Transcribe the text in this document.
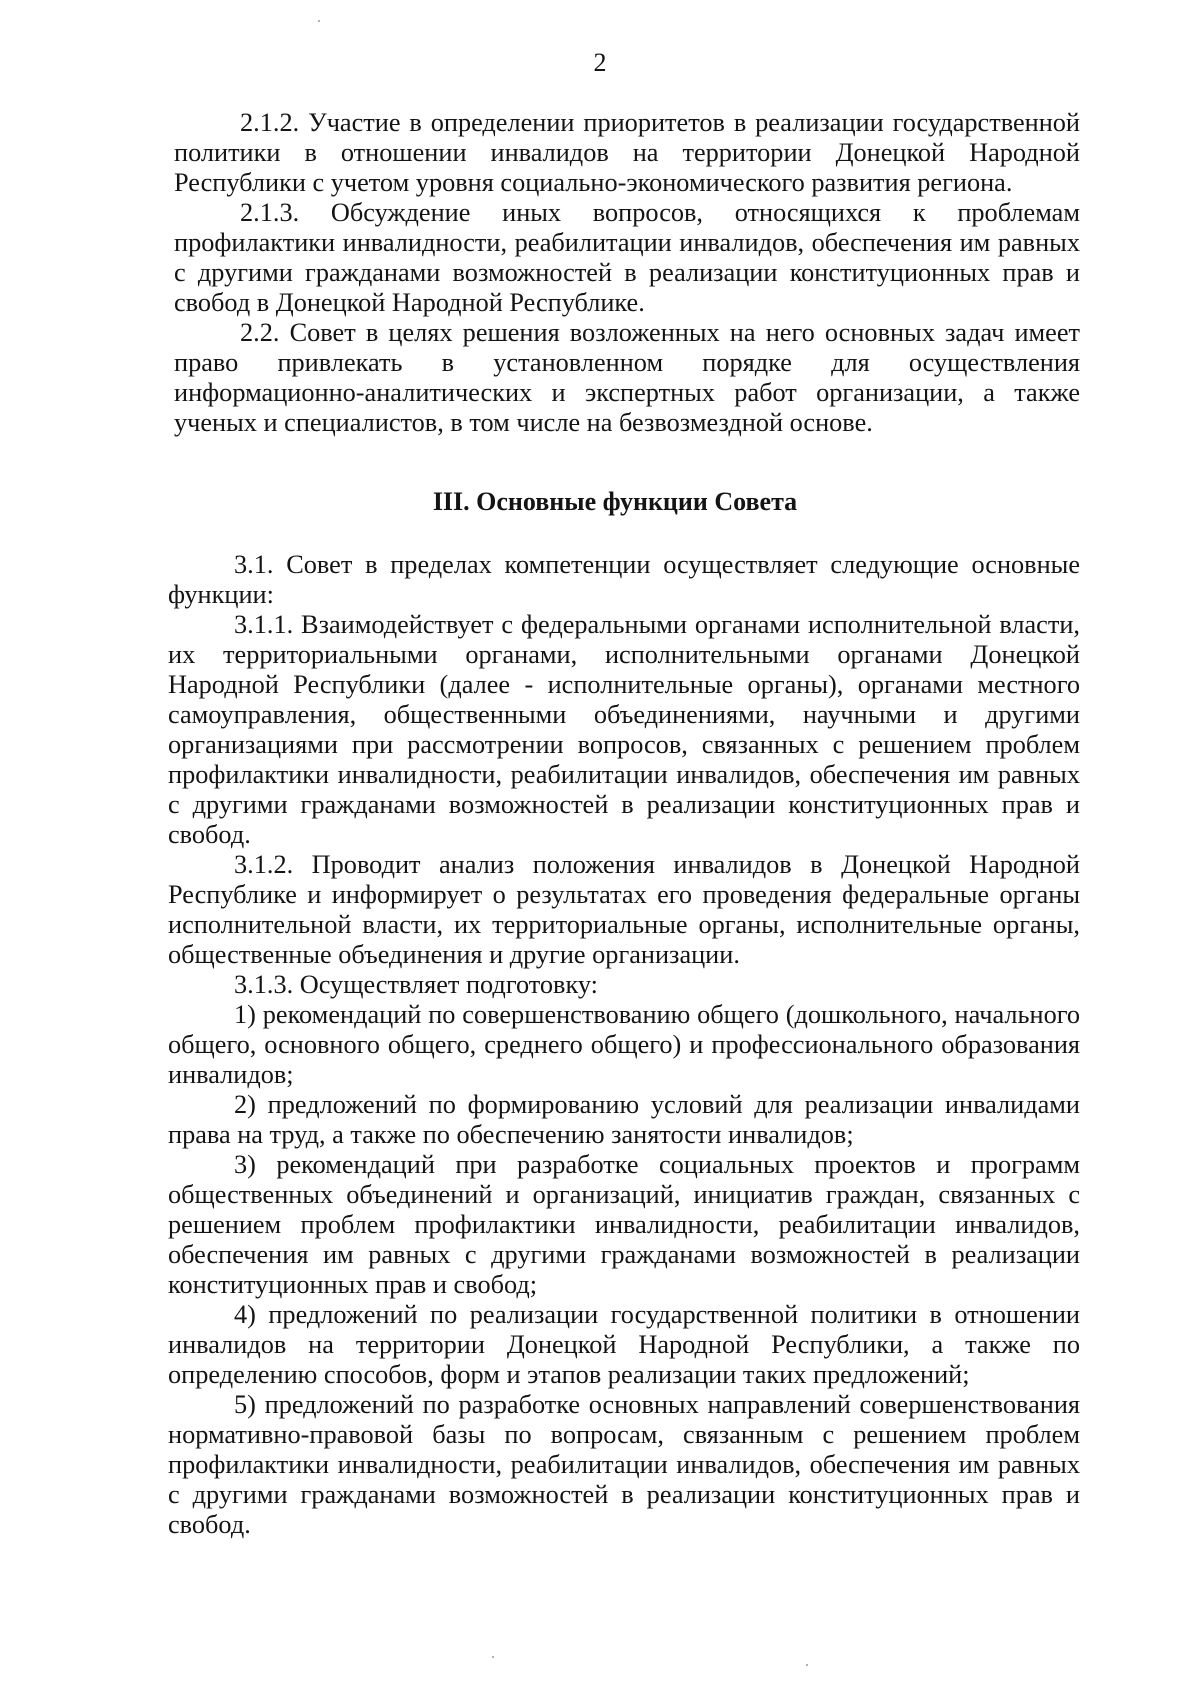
2

2.1.2. Участие в определении приоритетов в реализации государственной политики в отношении инвалидов на территории Донецкой Народной Республики с учетом уровня социально-экономического развития региона.

2.1.3. Обсуждение иных вопросов, относящихся к проблемам профилактики инвалидности, реабилитации инвалидов, обеспечения им равных с другими гражданами возможностей в реализации конституционных прав и свобод в Донецкой Народной Республике.

2.2. Совет в целях решения возложенных на него основных задач имеет право привлекать в установленном порядке для осуществления информационно-аналитических и экспертных работ организации, а также ученых и специалистов, в том числе на безвозмездной основе.

III. Основные функции Совета

3.1. Совет в пределах компетенции осуществляет следующие основные функции:

3.1.1. Взаимодействует с федеральными органами исполнительной власти, их территориальными органами, исполнительными органами Донецкой Народной Республики (далее - исполнительные органы), органами местного самоуправления, общественными объединениями, научными и другими организациями при рассмотрении вопросов, связанных с решением проблем профилактики инвалидности, реабилитации инвалидов, обеспечения им равных с другими гражданами возможностей в реализации конституционных прав и свобод.

3.1.2. Проводит анализ положения инвалидов в Донецкой Народной Республике и информирует о результатах его проведения федеральные органы исполнительной власти, их территориальные органы, исполнительные органы, общественные объединения и другие организации.

3.1.3. Осуществляет подготовку:

1) рекомендаций по совершенствованию общего (дошкольного, начального общего, основного общего, среднего общего) и профессионального образования инвалидов;

2) предложений по формированию условий для реализации инвалидами права на труд, а также по обеспечению занятости инвалидов;

3) рекомендаций при разработке социальных проектов и программ общественных объединений и организаций, инициатив граждан, связанных с решением проблем профилактики инвалидности, реабилитации инвалидов, обеспечения им равных с другими гражданами возможностей в реализации конституционных прав и свобод;

4) предложений по реализации государственной политики в отношении инвалидов на территории Донецкой Народной Республики, а также по определению способов, форм и этапов реализации таких предложений;

5) предложений по разработке основных направлений совершенствования нормативно-правовой базы по вопросам, связанным с решением проблем профилактики инвалидности, реабилитации инвалидов, обеспечения им равных с другими гражданами возможностей в реализации конституционных прав и свобод.
